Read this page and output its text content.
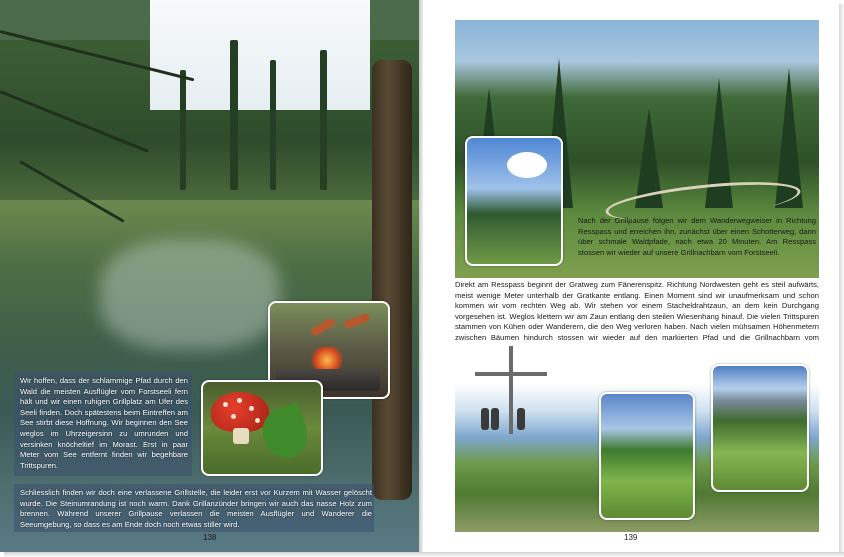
Wir hoffen, dass der schlammige Pfad durch den Wald die meisten Ausflügler vom Forstseeli fern hält und wir einen ruhigen Grillplatz am Ufer des Seeli finden. Doch spätestens beim Eintreffen am See stirbt diese Hoffnung. Wir beginnen den See weglos im Uhrzeigersinn zu umrunden und versinken knöcheltief im Morast. Erst in paar Meter vom See entfernt finden wir begehbare Trittspuren.
Schliesslich finden wir doch eine verlassene Grillstelle, die leider erst vor Kurzem mit Wasser gelöscht wurde. Die Steinumrandung ist noch warm. Dank Grillanzünder bringen wir auch das nasse Holz zum brennen. Während unserer Grillpause verlassen die meisten Ausflügler und Wanderer die Seeumgebung, so dass es am Ende doch noch etwas stiller wird.
138
Nach der Grillpause folgen wir dem Wanderwegweiser in Richtung Resspass und erreichen ihn, zunächst über einen Schotterweg, dann über schmale Waldpfade, nach etwa 20 Minuten. Am Resspass stossen wir wieder auf unsere Grillnachbarn vom Forstseeli.
Direkt am Resspass beginnt der Gratweg zum Fänerenspitz. Richtung Nordwesten geht es steil aufwärts, meist wenige Meter unterhalb der Gratkante entlang. Einen Moment sind wir unaufmerksam und schon kommen wir vom rechten Weg ab. Wir stehen vor einem Stacheldrahtzaun, an dem kein Durchgang vorgesehen ist. Weglos klettern wir am Zaun entlang den steilen Wiesenhang hinauf. Die vielen Trittspuren stammen von Kühen oder Wanderern, die den Weg verloren haben. Nach vielen mühsamen Höhenmetern zwischen Bäumen hindurch stossen wir wieder auf den markierten Pfad und die Grillnachbarn vom
139
